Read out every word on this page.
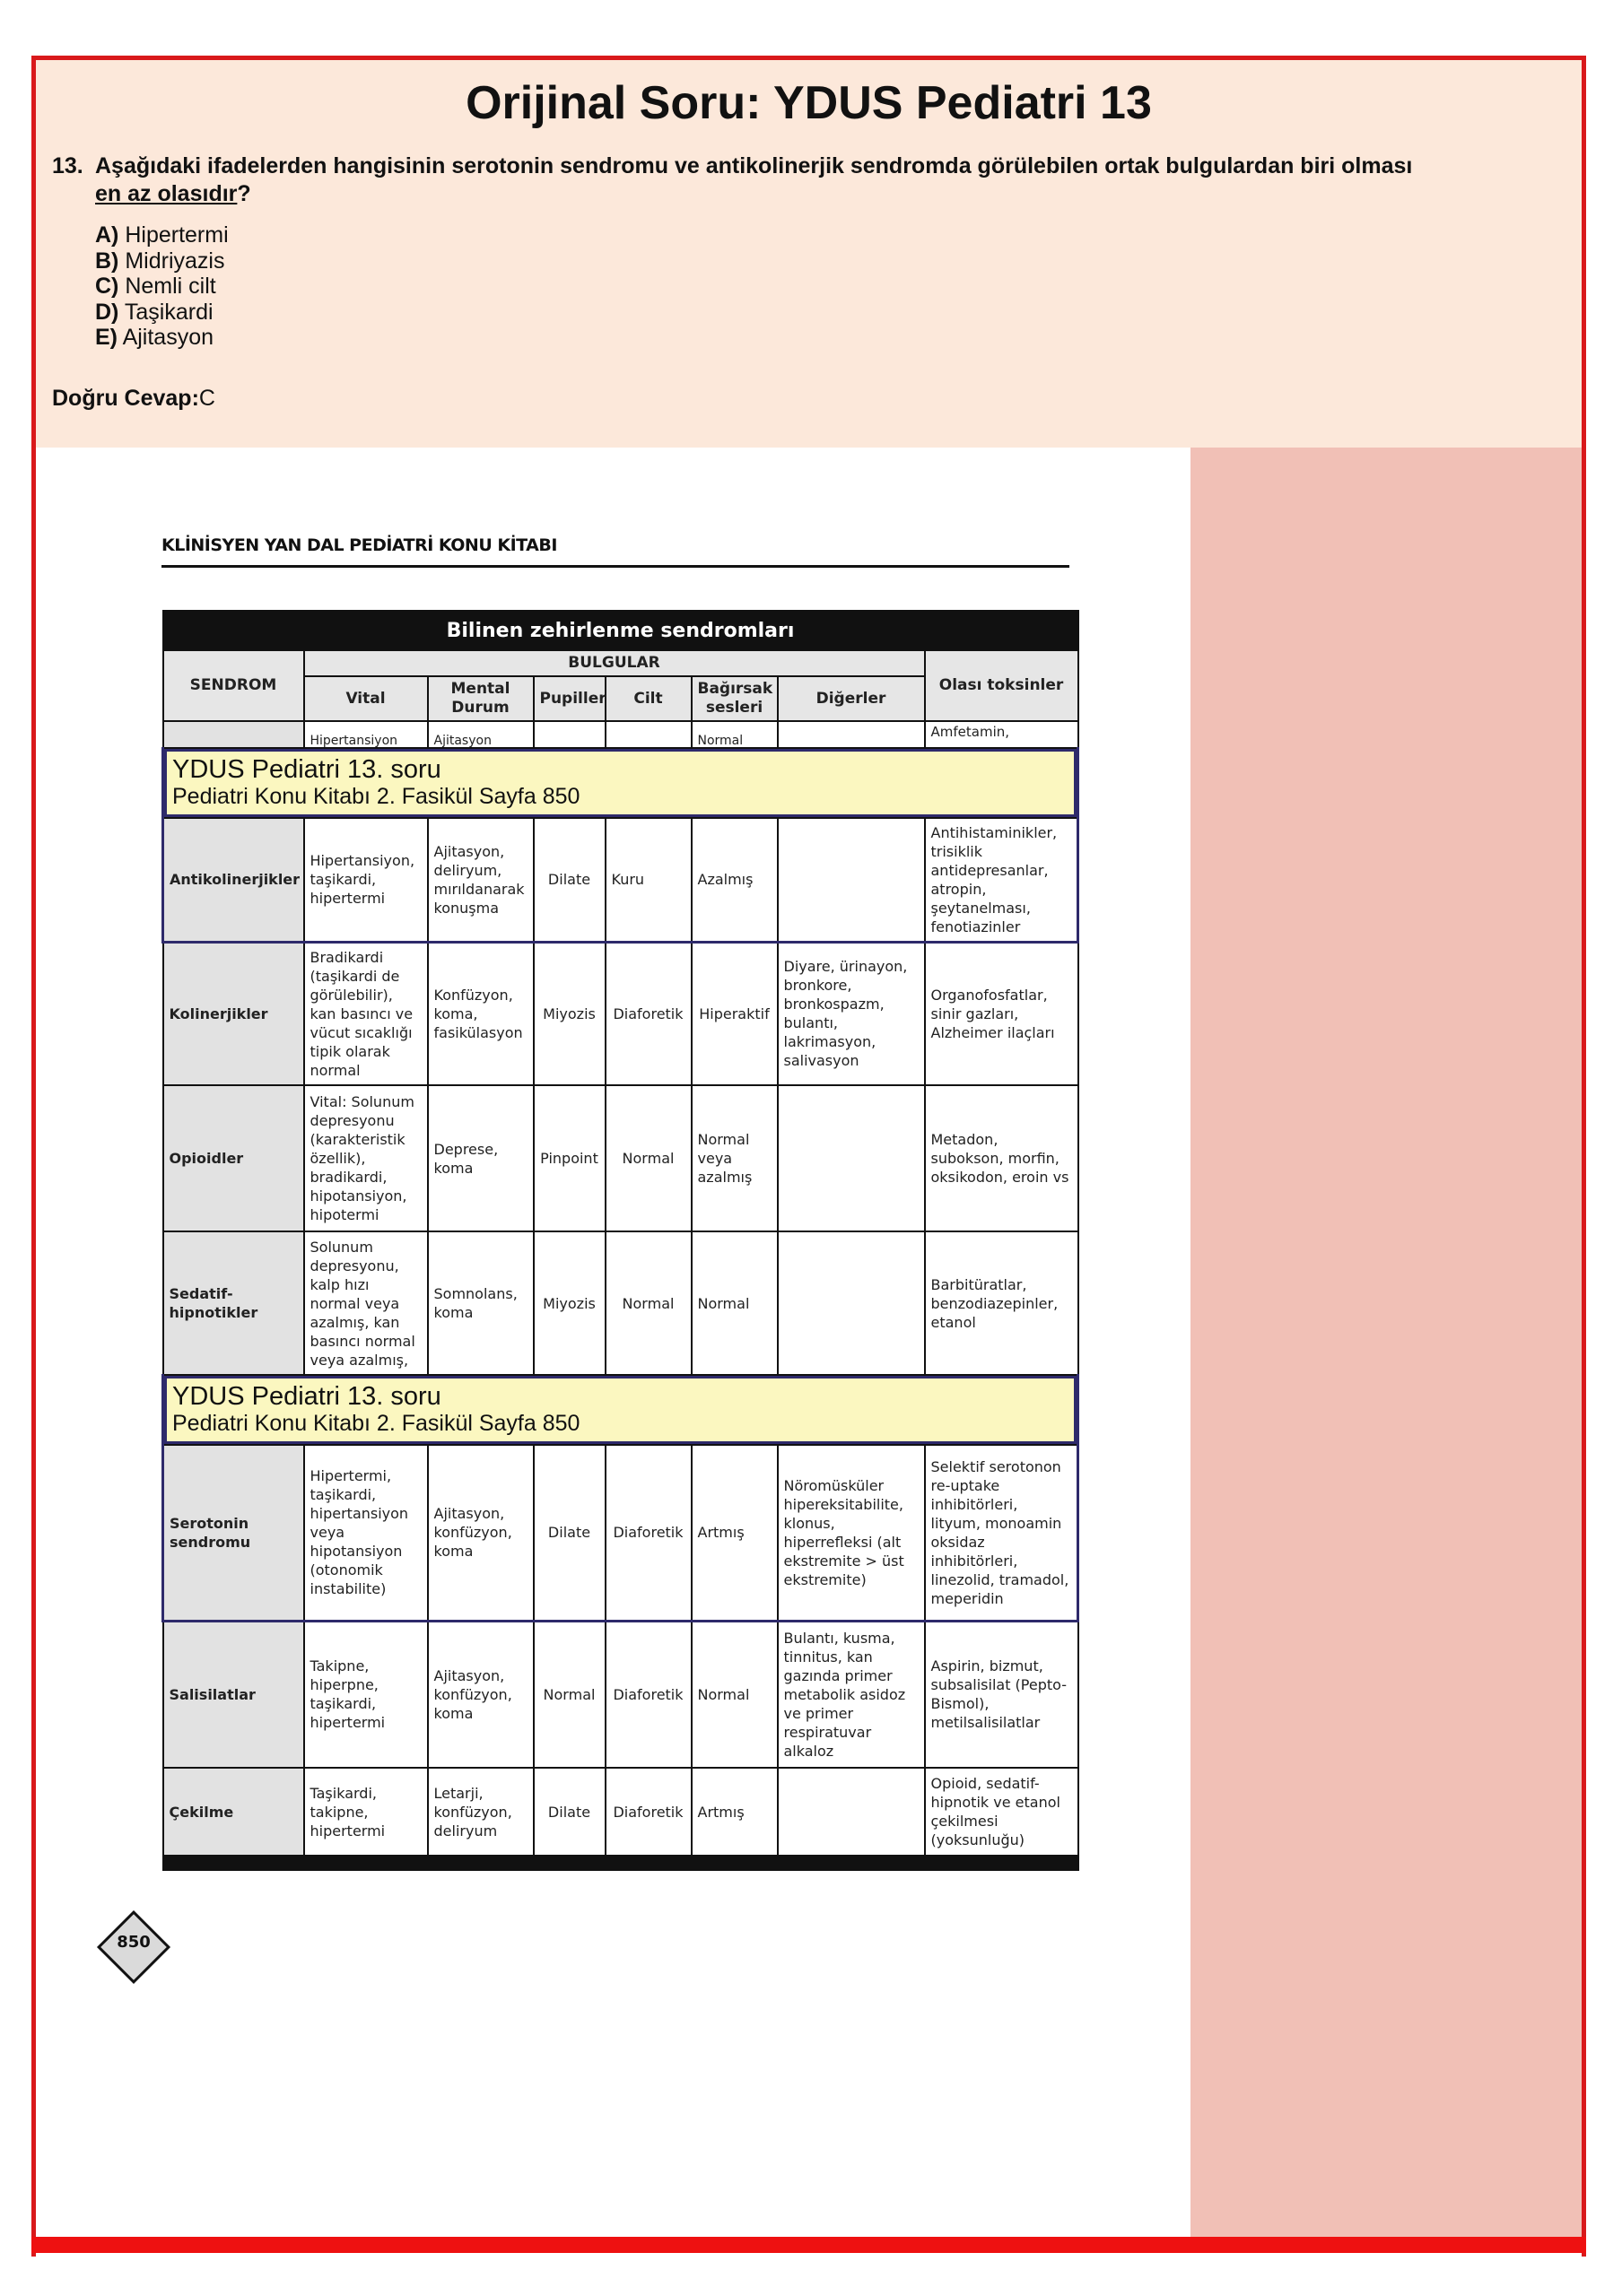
Orijinal Soru: YDUS Pediatri 13
13. Aşağıdaki ifadelerden hangisinin serotonin sendromu ve antikolinerjik sendromda görülebilen ortak bulgulardan biri olması
en az olasıdır?
A) Hipertermi
B) Midriyazis
C) Nemli cilt
D) Taşikardi
E) Ajitasyon
Doğru Cevap:C
KLİNİSYEN YAN DAL PEDİATRİ KONU KİTABI
Bilinen zehirlenme sendromları							
SENDROM	BULGULAR						Olası toksinler
	Vital	Mental Durum	Pupiller	Cilt	Bağırsak sesleri	Diğerler	
	Hipertansiyon	Ajitasyon			Normal		Amfetamin,

YDUS Pediatri 13. soru
Pediatri Konu Kitabı 2. Fasikül Sayfa 850							

Antikolinerjikler	Hipertansiyon, taşikardi, hipertermi	Ajitasyon, deliryum, mırıldanarak konuşma	Dilate	Kuru	Azalmış		Antihistaminikler, trisiklik antidepresanlar, atropin, şeytanelması, fenotiazinler
Kolinerjikler	Bradikardi (taşikardi de görülebilir), kan basıncı ve vücut sıcaklığı tipik olarak normal	Konfüzyon, koma, fasikülasyon	Miyozis	Diaforetik	Hiperaktif	Diyare, ürinayon, bronkore, bronkospazm, bulantı, lakrimasyon, salivasyon	Organofosfatlar, sinir gazları, Alzheimer ilaçları
Opioidler	Vital: Solunum depresyonu (karakteristik özellik), bradikardi, hipotansiyon, hipotermi	Deprese, koma	Pinpoint	Normal	Normal veya azalmış		Metadon, subokson, morfin, oksikodon, eroin vs
Sedatif-hipnotikler	Solunum depresyonu, kalp hızı normal veya azalmış, kan basıncı normal veya azalmış,	Somnolans, koma	Miyozis	Normal	Normal		Barbitüratlar, benzodiazepinler, etanol

YDUS Pediatri 13. soru
Pediatri Konu Kitabı 2. Fasikül Sayfa 850							

Serotonin sendromu	Hipertermi, taşikardi, hipertansiyon veya hipotansiyon (otonomik instabilite)	Ajitasyon, konfüzyon, koma	Dilate	Diaforetik	Artmış	Nöromüsküler hipereksitabilite, klonus, hiperrefleksi (alt ekstremite > üst ekstremite)	Selektif serotonon re-uptake inhibitörleri, lityum, monoamin oksidaz inhibitörleri, linezolid, tramadol, meperidin
Salisilatlar	Takipne, hiperpne, taşikardi, hipertermi	Ajitasyon, konfüzyon, koma	Normal	Diaforetik	Normal	Bulantı, kusma, tinnitus, kan gazında primer metabolik asidoz ve primer respiratuvar alkaloz	Aspirin, bizmut, subsalisilat (Pepto-Bismol), metilsalisilatlar
Çekilme	Taşikardi, takipne, hipertermi	Letarji, konfüzyon, deliryum	Dilate	Diaforetik	Artmış		Opioid, sedatif-hipnotik ve etanol çekilmesi (yoksunluğu)

850
